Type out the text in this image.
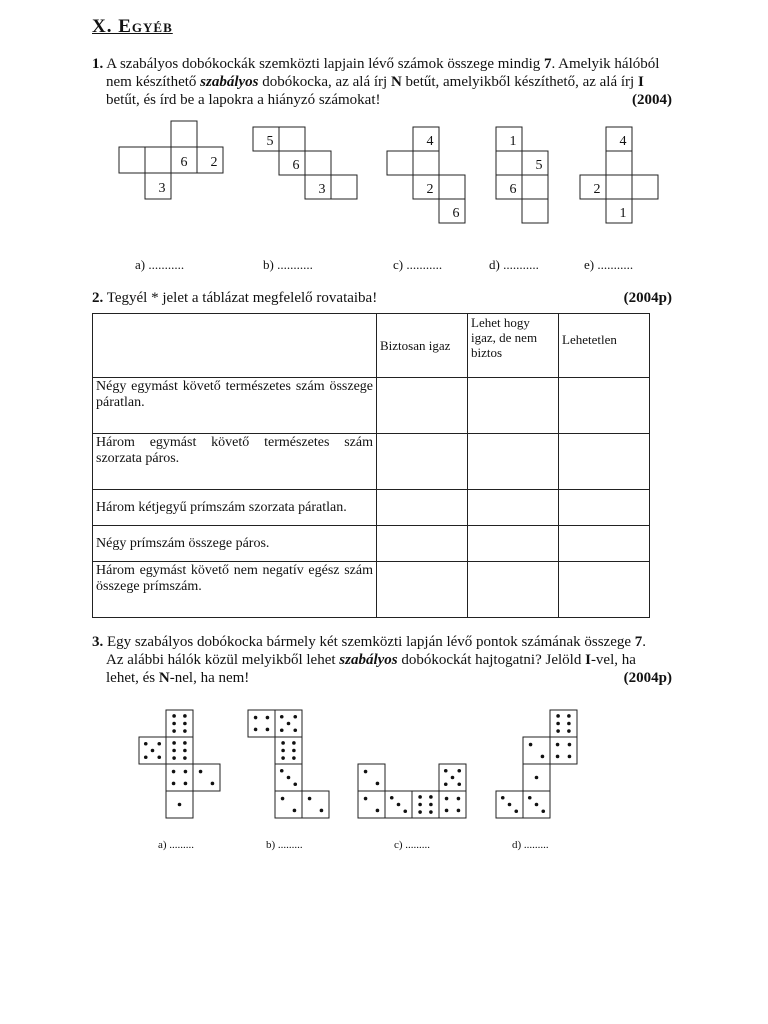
X. Egyéb
1. A szabályos dobókockák szemközti lapjain lévő számok összege mindig 7. Amelyik hálóból
nem készíthető szabályos dobókocka, az alá írj N betűt, amelyikből készíthető, az alá írj I
betűt, és írd be a lapokra a hiányzó számokat!	(2004)
6 2
3
5
6
3
4
2
6
1
5
6
4
2
1
a) ...........	b) ...........	c) ...........	d) ...........	e) ...........
2. Tegyél * jelet a táblázat megfelelő rovataiba!	(2004p)
	Biztosan igaz	Lehet hogy igaz, de nem biztos	Lehetetlen
Négy egymást követő természetes szám összege páratlan.			
Három egymást követő természetes szám szorzata páros.			
Három kétjegyű prímszám szorzata páratlan.			
Négy prímszám összege páros.			
Három egymást követő nem negatív egész szám összege prímszám.			
3. Egy szabályos dobókocka bármely két szemközti lapján lévő pontok számának összege 7.
Az alábbi hálók közül melyikből lehet szabályos dobókockát hajtogatni? Jelöld I-vel, ha
lehet, és N-nel, ha nem!	(2004p)
a) .........	b) .........	c) .........	d) .........
